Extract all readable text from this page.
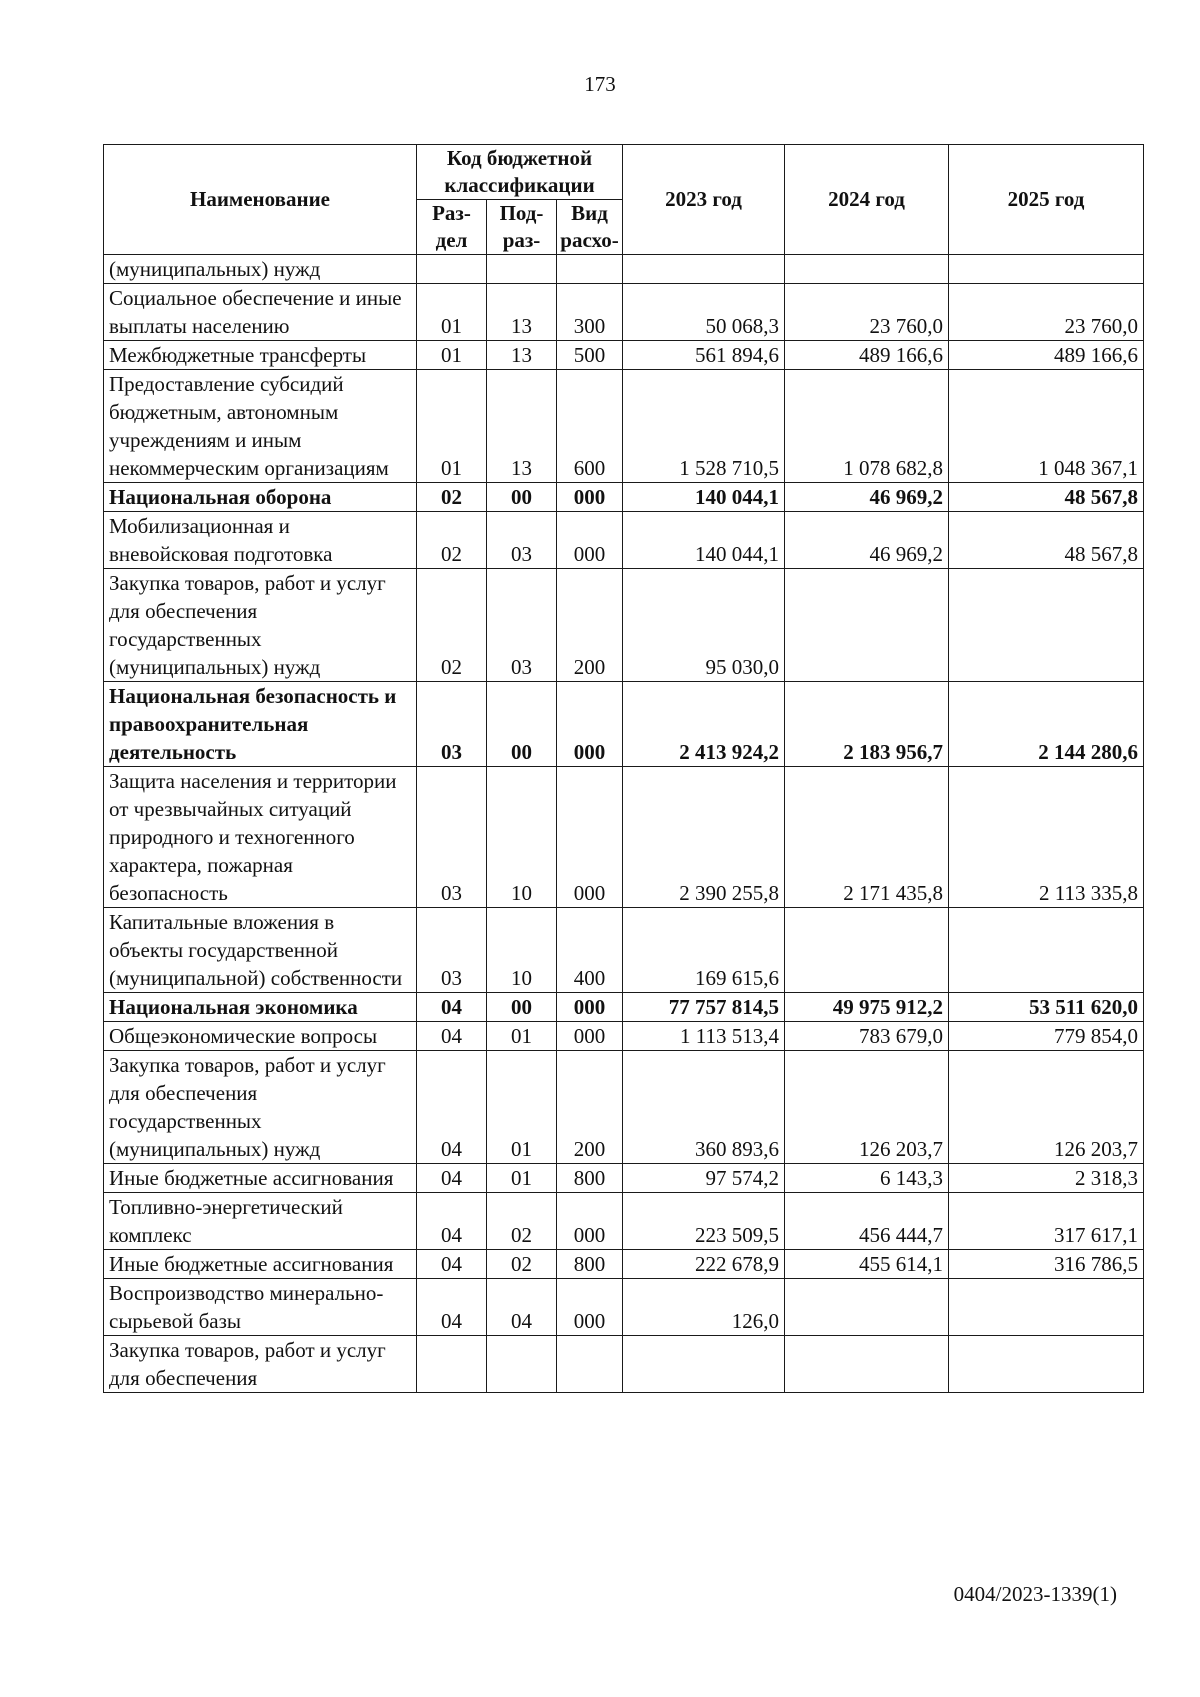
173
Наименование	Код бюджетной классификации			2023 год	2024 год	2025 год
	Раз- дел	Под- раз-	Вид расхо-			
(муниципальных) нужд						
Социальное обеспечение и иные выплаты населению	01	13	300	50 068,3	23 760,0	23 760,0
Межбюджетные трансферты	01	13	500	561 894,6	489 166,6	489 166,6
Предоставление субсидий бюджетным, автономным учреждениям и иным некоммерческим организациям	01	13	600	1 528 710,5	1 078 682,8	1 048 367,1
Национальная оборона	02	00	000	140 044,1	46 969,2	48 567,8
Мобилизационная и вневойсковая подготовка	02	03	000	140 044,1	46 969,2	48 567,8
Закупка товаров, работ и услуг для обеспечения государственных (муниципальных) нужд	02	03	200	95 030,0		
Национальная безопасность и правоохранительная деятельность	03	00	000	2 413 924,2	2 183 956,7	2 144 280,6
Защита населения и территории от чрезвычайных ситуаций природного и техногенного характера, пожарная безопасность	03	10	000	2 390 255,8	2 171 435,8	2 113 335,8
Капитальные вложения в объекты государственной (муниципальной) собственности	03	10	400	169 615,6		
Национальная экономика	04	00	000	77 757 814,5	49 975 912,2	53 511 620,0
Общеэкономические вопросы	04	01	000	1 113 513,4	783 679,0	779 854,0
Закупка товаров, работ и услуг для обеспечения государственных (муниципальных) нужд	04	01	200	360 893,6	126 203,7	126 203,7
Иные бюджетные ассигнования	04	01	800	97 574,2	6 143,3	2 318,3
Топливно-энергетический комплекс	04	02	000	223 509,5	456 444,7	317 617,1
Иные бюджетные ассигнования	04	02	800	222 678,9	455 614,1	316 786,5
Воспроизводство минерально-сырьевой базы	04	04	000	126,0		
Закупка товаров, работ и услуг для обеспечения						
0404/2023-1339(1)
